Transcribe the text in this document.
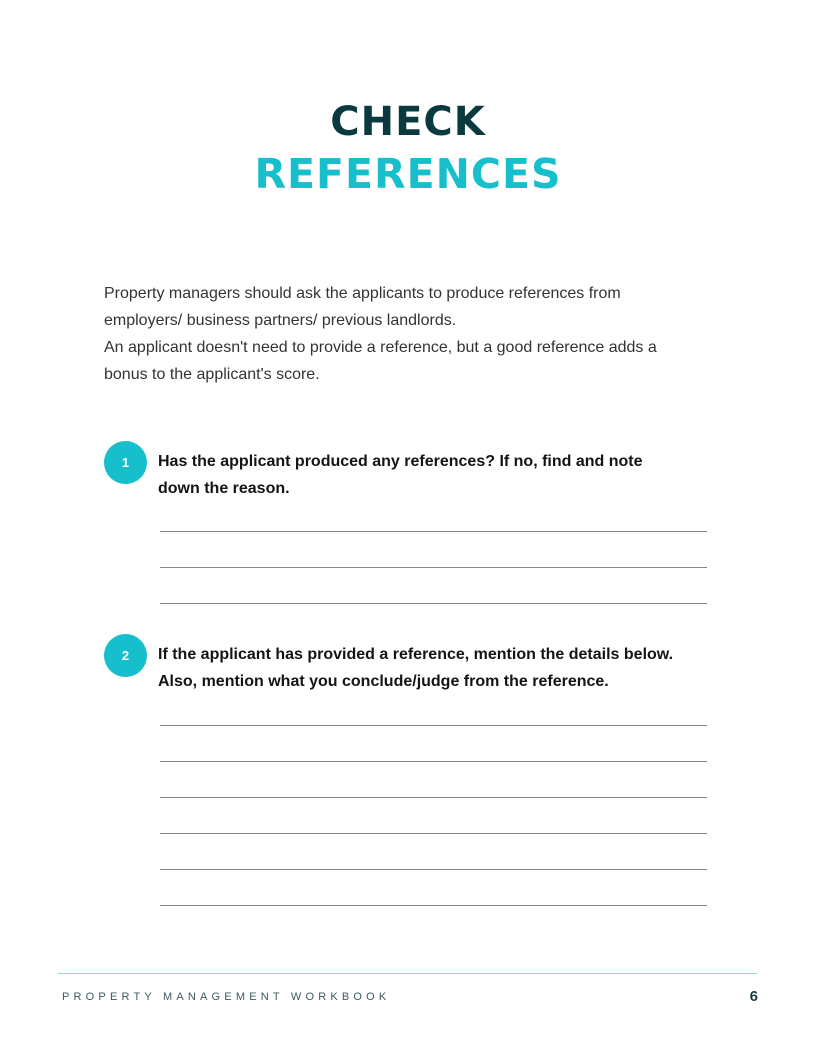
CHECK
REFERENCES

Property managers should ask the applicants to produce references from employers/ business partners/ previous landlords.

An applicant doesn't need to provide a reference, but a good reference adds a bonus to the applicant's score.

1	Has the applicant produced any references? If no, find and note down the reason.

2	If the applicant has provided a reference, mention the details below. Also, mention what you conclude/judge from the reference.

PROPERTY MANAGEMENT WORKBOOK	6
